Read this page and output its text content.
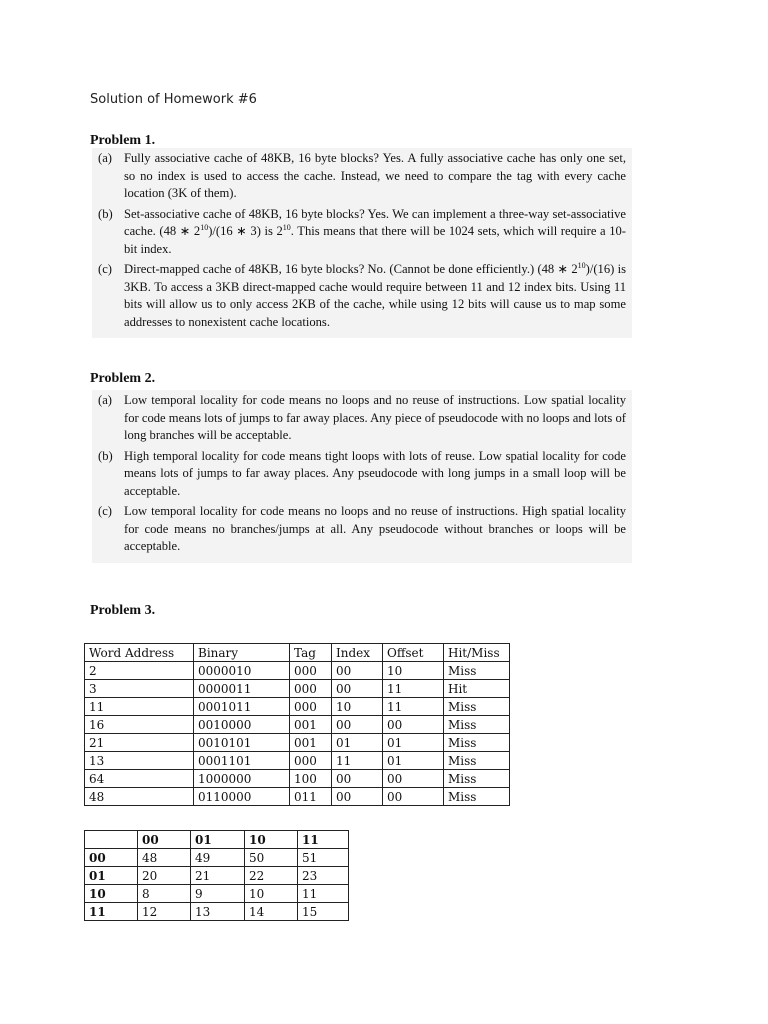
Solution of Homework #6
Problem 1.
(a) Fully associative cache of 48KB, 16 byte blocks? Yes. A fully associative cache has only one set, so no index is used to access the cache. Instead, we need to compare the tag with every cache location (3K of them).
(b) Set-associative cache of 48KB, 16 byte blocks? Yes. We can implement a three-way set-associative cache. (48 ∗ $2^{10})/(16$ ∗ 3) is $2^{10}$. This means that there will be 1024 sets, which will require a 10-bit index.
(c) Direct-mapped cache of 48KB, 16 byte blocks? No. (Cannot be done efficiently.) (48 ∗ $2^{10})/(16)$ is 3KB. To access a 3KB direct-mapped cache would require between 11 and 12 index bits. Using 11 bits will allow us to only access 2KB of the cache, while using 12 bits will cause us to map some addresses to nonexistent cache locations.
Problem 2.
(a) Low temporal locality for code means no loops and no reuse of instructions. Low spatial locality for code means lots of jumps to far away places. Any piece of pseudocode with no loops and lots of long branches will be acceptable.
(b) High temporal locality for code means tight loops with lots of reuse. Low spatial locality for code means lots of jumps to far away places. Any pseudocode with long jumps in a small loop will be acceptable.
(c) Low temporal locality for code means no loops and no reuse of instructions. High spatial locality for code means no branches/jumps at all. Any pseudocode without branches or loops will be acceptable.
Problem 3.
Word Address	Binary	Tag	Index	Offset	Hit/Miss
2	0000010	000	00	10	Miss
3	0000011	000	00	11	Hit
11	0001011	000	10	11	Miss
16	0010000	001	00	00	Miss
21	0010101	001	01	01	Miss
13	0001101	000	11	01	Miss
64	1000000	100	00	00	Miss
48	0110000	011	00	00	Miss
	00	01	10	11
00	48	49	50	51
01	20	21	22	23
10	8	9	10	11
11	12	13	14	15
